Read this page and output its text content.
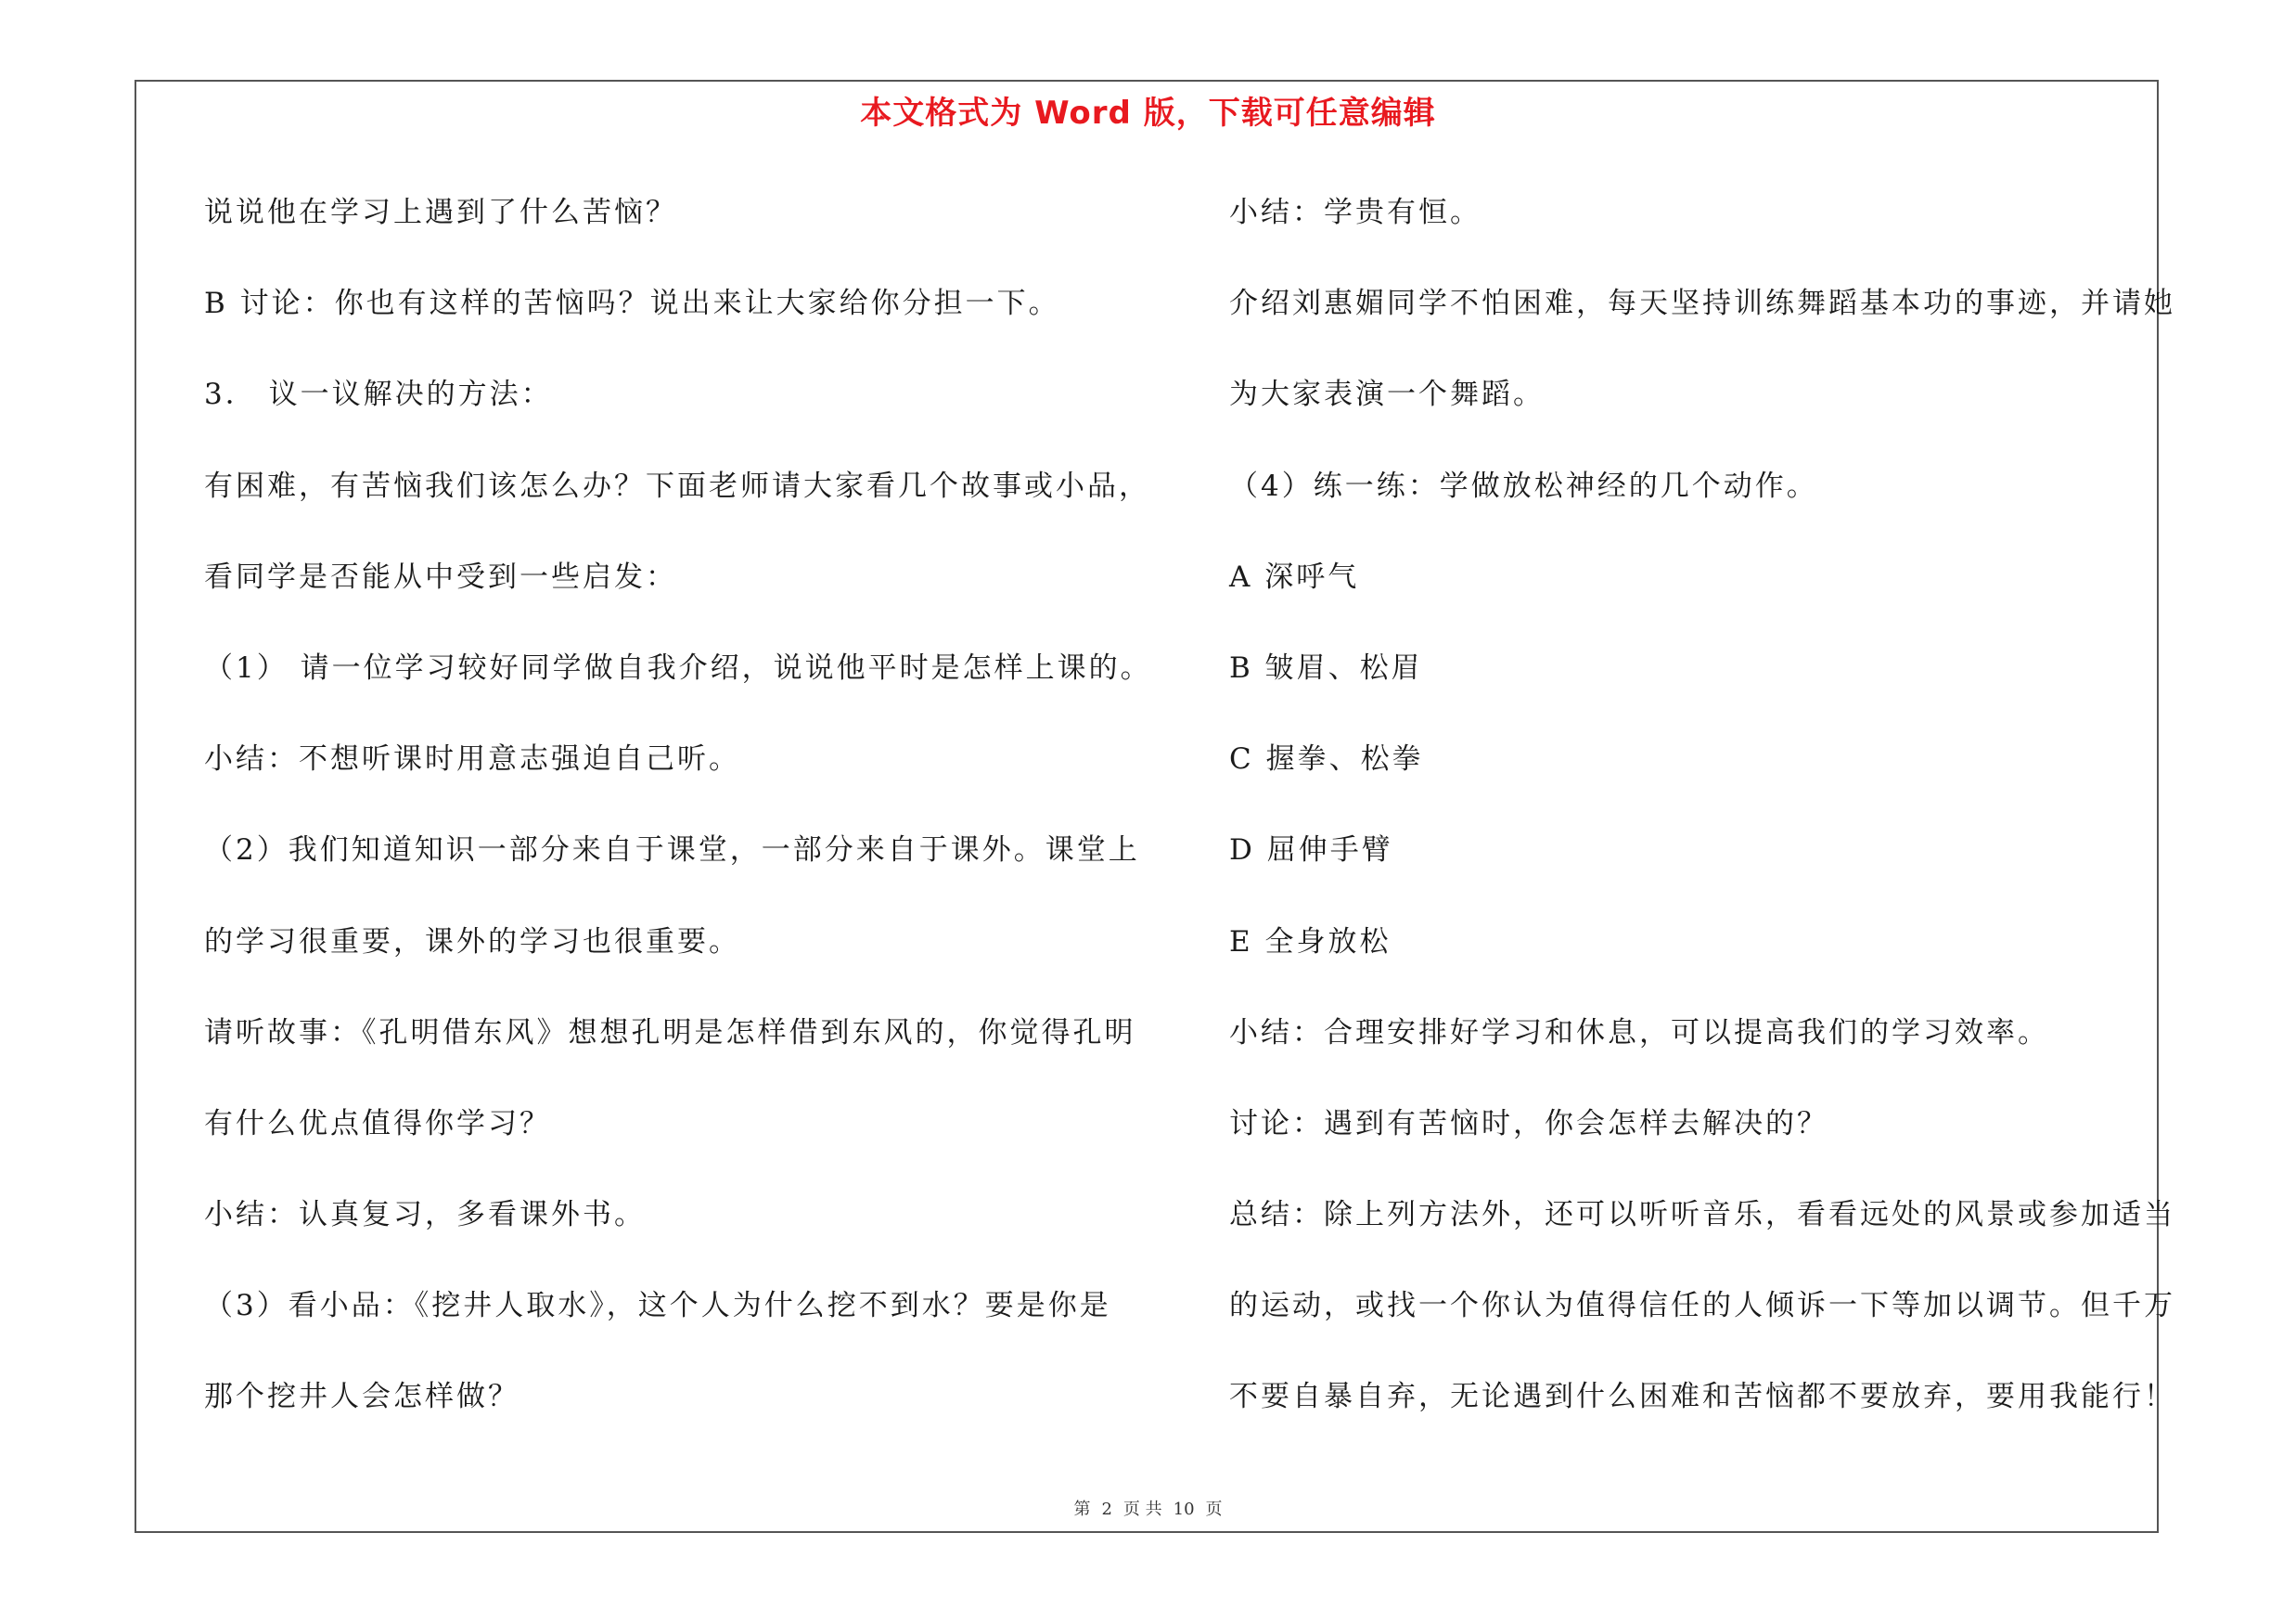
本文格式为 Word 版，下载可任意编辑
说说他在学习上遇到了什么苦恼？
B 讨论：你也有这样的苦恼吗？说出来让大家给你分担一下。
3． 议一议解决的方法：
有困难，有苦恼我们该怎么办？下面老师请大家看几个故事或小品，
看同学是否能从中受到一些启发：
（1） 请一位学习较好同学做自我介绍，说说他平时是怎样上课的。
小结：不想听课时用意志强迫自己听。
（2）我们知道知识一部分来自于课堂，一部分来自于课外。课堂上
的学习很重要，课外的学习也很重要。
请听故事：《孔明借东风》想想孔明是怎样借到东风的，你觉得孔明
有什么优点值得你学习？
小结：认真复习，多看课外书。
（3）看小品：《挖井人取水》，这个人为什么挖不到水？要是你是
那个挖井人会怎样做？
小结：学贵有恒。
介绍刘惠媚同学不怕困难，每天坚持训练舞蹈基本功的事迹，并请她
为大家表演一个舞蹈。
（4）练一练：学做放松神经的几个动作。
A 深呼气
B 皱眉、松眉
C 握拳、松拳
D 屈伸手臂
E 全身放松
小结：合理安排好学习和休息，可以提高我们的学习效率。
讨论：遇到有苦恼时，你会怎样去解决的？
总结：除上列方法外，还可以听听音乐，看看远处的风景或参加适当
的运动，或找一个你认为值得信任的人倾诉一下等加以调节。但千万
不要自暴自弃，无论遇到什么困难和苦恼都不要放弃，要用我能行！
第 2 页 共 10 页
